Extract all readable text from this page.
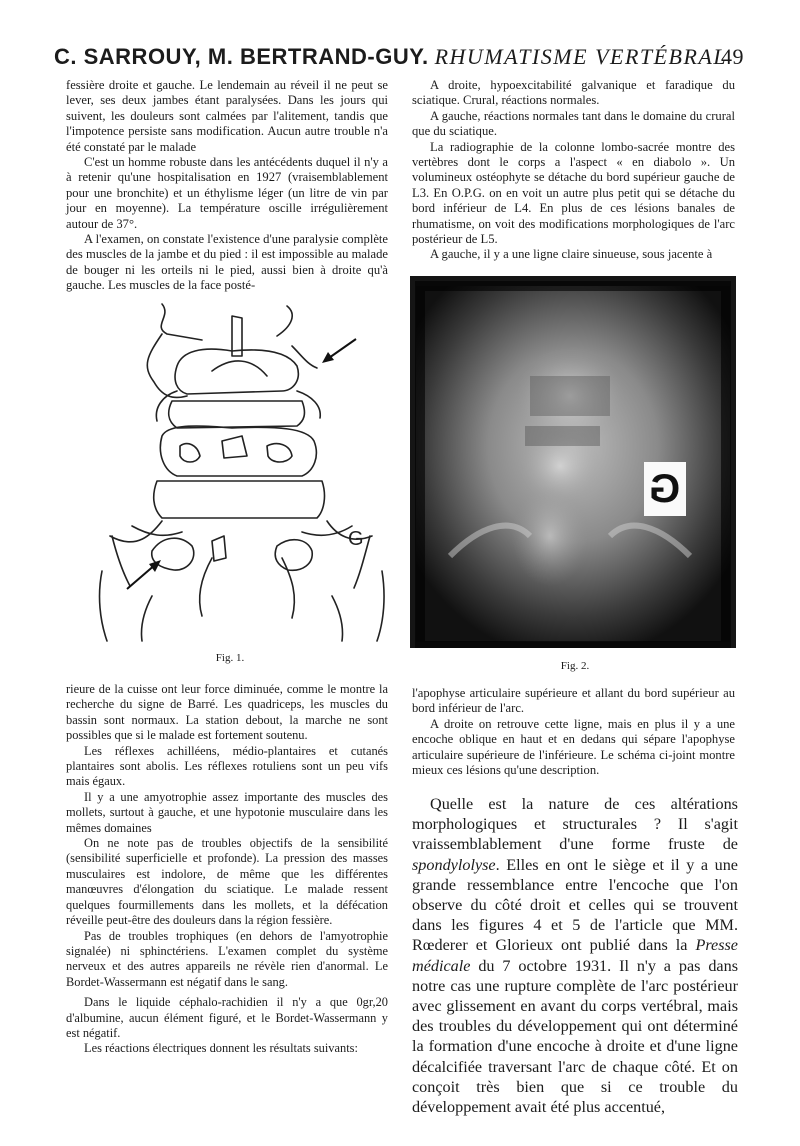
C. SARROUY, M. BERTRAND-GUY. RHUMATISME VERTÉBRAL
49

fessière droite et gauche. Le lendemain au réveil il ne peut se lever, ses deux jambes étant paralysées. Dans les jours qui suivent, les douleurs sont calmées par l'alitement, tandis que l'impotence persiste sans modification. Aucun autre trouble n'a été constaté par le malade

C'est un homme robuste dans les antécédents duquel il n'y a à retenir qu'une hospitalisation en 1927 (vraisemblablement pour une bronchite) et un éthylisme léger (un litre de vin par jour en moyenne). La température oscille irrégulièrement autour de 37°.

A l'examen, on constate l'existence d'une paralysie complète des muscles de la jambe et du pied : il est impossible au malade de bouger ni les orteils ni le pied, aussi bien à droite qu'à gauche. Les muscles de la face posté-

A droite, hypoexcitabilité galvanique et faradique du sciatique. Crural, réactions normales.

A gauche, réactions normales tant dans le domaine du crural que du sciatique.

La radiographie de la colonne lombo-sacrée montre des vertèbres dont le corps a l'aspect « en diabolo ». Un volumineux ostéophyte se détache du bord supérieur gauche de L3. En O.P.G. on en voit un autre plus petit qui se détache du bord inférieur de L4. En plus de ces lésions banales de rhumatisme, on voit des modifications morphologiques de l'arc postérieur de L5.

A gauche, il y a une ligne claire sinueuse, sous jacente à

G
Fig. 1.
G
Fig. 2.

rieure de la cuisse ont leur force diminuée, comme le montre la recherche du signe de Barré. Les quadriceps, les muscles du bassin sont normaux. La station debout, la marche ne sont possibles que si le malade est fortement soutenu.

Les réflexes achilléens, médio-plantaires et cutanés plantaires sont abolis. Les réflexes rotuliens sont un peu vifs mais égaux.

Il y a une amyotrophie assez importante des muscles des mollets, surtout à gauche, et une hypotonie musculaire dans les mêmes domaines

On ne note pas de troubles objectifs de la sensibilité (sensibilité superficielle et profonde). La pression des masses musculaires est indolore, de même que les différentes manœuvres d'élongation du sciatique. Le malade ressent quelques fourmillements dans les mollets, et la défécation réveille peut-être des douleurs dans la région fessière.

Pas de troubles trophiques (en dehors de l'amyotrophie signalée) ni sphinctériens. L'examen complet du système nerveux et des autres appareils ne révèle rien d'anormal. Le Bordet-Wassermann est négatif dans le sang.

Dans le liquide céphalo-rachidien il n'y a que 0gr,20 d'albumine, aucun élément figuré, et le Bordet-Wassermann y est négatif.

Les réactions électriques donnent les résultats suivants:

l'apophyse articulaire supérieure et allant du bord supérieur au bord inférieur de l'arc.

A droite on retrouve cette ligne, mais en plus il y a une encoche oblique en haut et en dedans qui sépare l'apophyse articulaire supérieure de l'inférieure. Le schéma ci-joint montre mieux ces lésions qu'une description.

Quelle est la nature de ces altérations morphologiques et structurales ? Il s'agit vraissemblablement d'une forme fruste de spondylolyse. Elles en ont le siège et il y a une grande ressemblance entre l'encoche que l'on observe du côté droit et celles qui se trouvent dans les figures 4 et 5 de l'article que MM. Rœderer et Glorieux ont publié dans la Presse médicale du 7 octobre 1931. Il n'y a pas dans notre cas une rupture complète de l'arc postérieur avec glissement en avant du corps vertébral, mais des troubles du développement qui ont déterminé la formation d'une encoche à droite et d'une ligne décalcifiée traversant l'arc de chaque côté. Et on conçoit très bien que si ce trouble du développement avait été plus accentué,
